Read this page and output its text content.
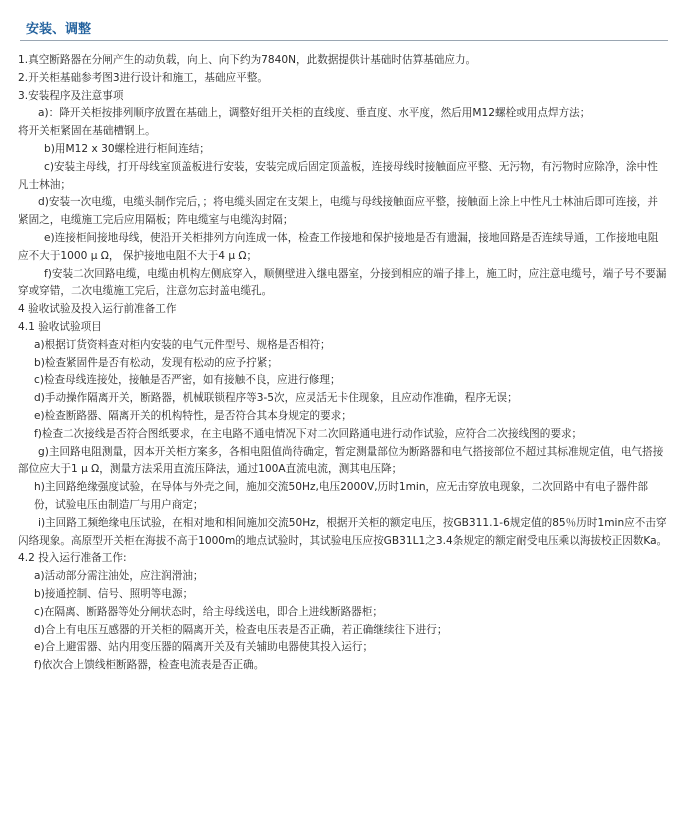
安装、调整

1.真空断路器在分闸产生的动负载，向上、向下约为7840N，此数据提供计基础时估算基础应力。

2.开关柜基础参考图3进行设计和施工，基础应平整。

3.安装程序及注意事项

a)：降开关柜按排列顺序放置在基础上，调整好组开关柜的直线度、垂直度、水平度，然后用M12螺栓或用点焊方法；

将开关柜紧固在基础槽钢上。

b)用M12 x 30螺栓进行柜间连结；

c)安装主母线，打开母线室顶盖板进行安装，安装完成后固定顶盖板，连接母线时接触面应平整、无污物，有污物时应除净，涂中性凡士林油；

d)安装一次电缆，电缆头制作完后，；将电缆头固定在支架上，电缆与母线接触面应平整，接触面上涂上中性凡士林油后即可连接，并紧固之，电缆施工完后应用隔板；阵电缆室与电缆沟封隔；

e)连接柜间接地母线，使沿开关柜排列方向连成一体，检查工作接地和保护接地是否有遗漏，接地回路是否连续导通，工作接地电阻应不大于1000 μ Ω， 保护接地电阻不大于4 μ Ω；

f)安装二次回路电缆，电缆由机构左侧底穿入，顺侧壁进入继电器室，分接到相应的端子排上，施工时，应注意电缆号，端子号不要漏穿或穿错，二次电缆施工完后，注意勿忘封盖电缆孔。

4 验收试验及投入运行前准备工作

4.1 验收试验项目

a)根据订货资料查对柜内安装的电气元件型号、规格是否相符；

b)检查紧固件是否有松动，发现有松动的应予拧紧；

c)检查母线连接处，接触是否严密，如有接触不良，应进行修理；

d)手动操作隔离开关，断路器，机械联锁程序等3-5次，应灵活无卡住现象，且应动作准确，程序无误；

e)检查断路器、隔离开关的机构特性，是否符合其本身规定的要求；

f)检查二次接线是否符合图纸要求，在主电路不通电情况下对二次回路通电进行动作试验，应符合二次接线图的要求；

g)主回路电阻测量，因本开关柜方案多，各相电阻值尚待确定，暂定测量部位为断路器和电气搭接部位不超过其标准规定值，电气搭接部位应大于1 μ Ω，测量方法采用直流压降法，通过100A直流电流，测其电压降；

h)主回路绝缘强度试验，在导体与外壳之间，施加交流50Hz,电压2000V,历时1min，应无击穿放电现象，二次回路中有电子器件部份，试验电压由制造厂与用户商定；

i)主回路工频绝缘电压试验，在相对地和相间施加交流50Hz，根据开关柜的额定电压，按GB311.1-6规定值的85％历时1min应不击穿闪络现象。高原型开关柜在海拔不高于1000m的地点试验时，其试验电压应按GB31L1之3.4条规定的额定耐受电压乘以海拔校正因数Ka。

4.2 投入运行准备工作:

a)活动部分需注油处，应注润滑油；

b)接通控制、信号、照明等电源；

c)在隔离、断路器等处分闸状态时，给主母线送电，即合上进线断路器柜；

d)合上有电压互感器的开关柜的隔离开关，检查电压表是否正确，若正确继续往下进行；

e)合上避雷器、站内用变压器的隔离开关及有关辅助电器使其投入运行；

f)依次合上馈线柜断路器，检查电流表是否正确。
